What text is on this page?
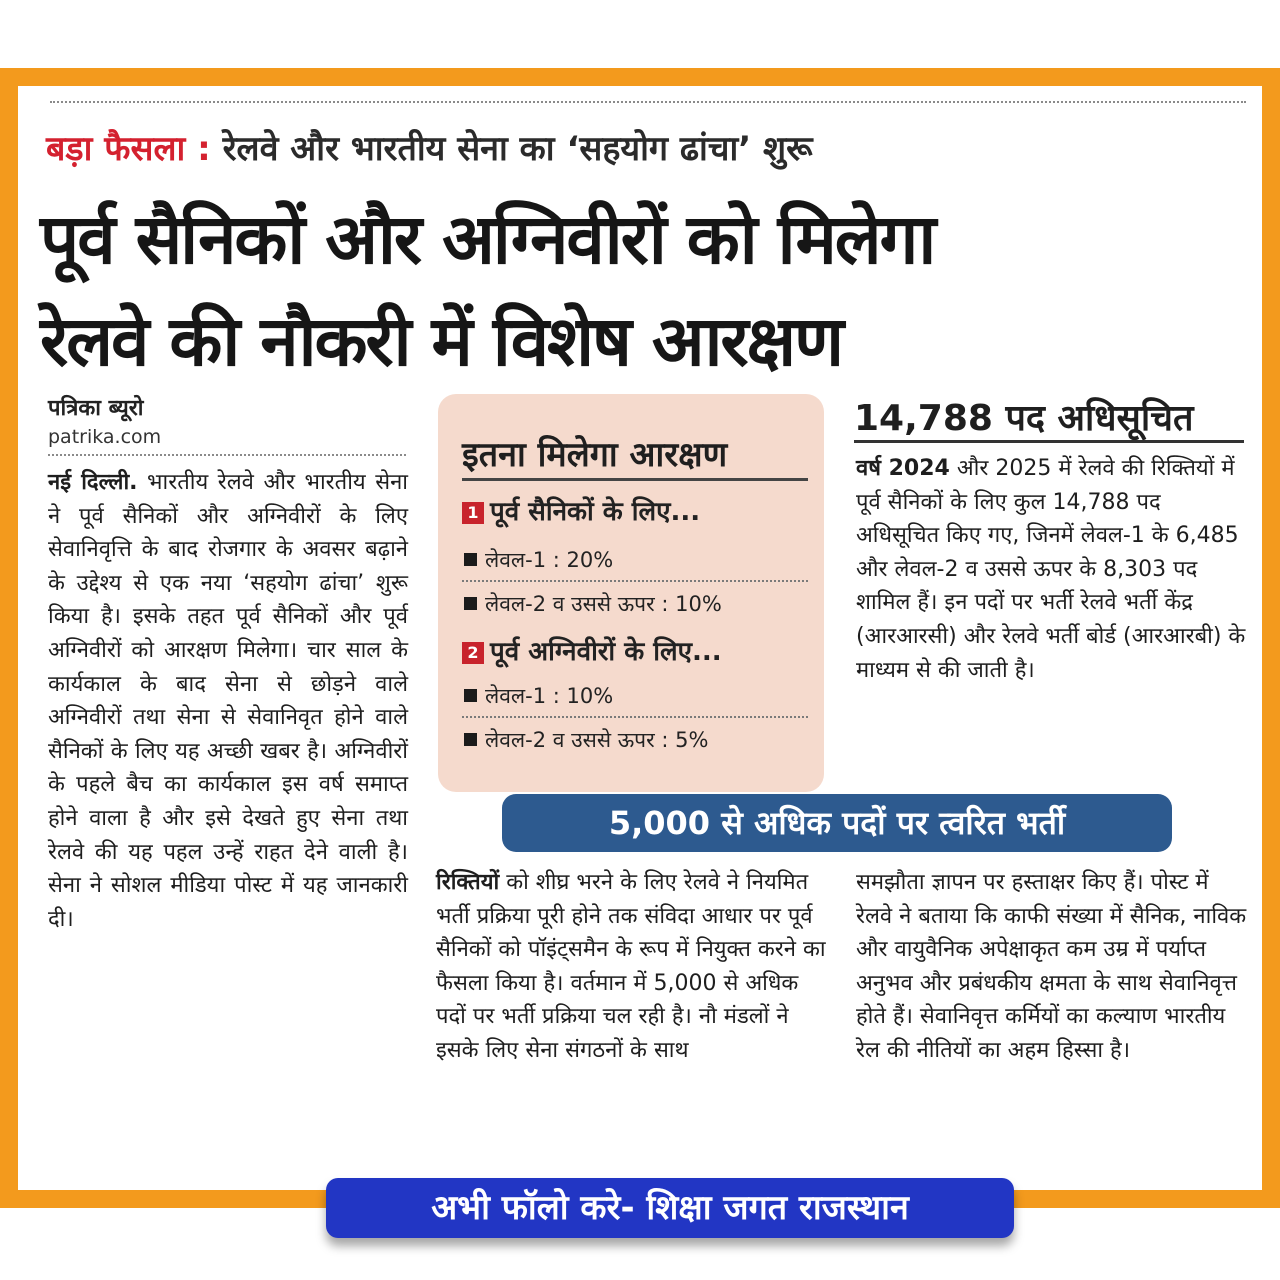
बड़ा फैसला : रेलवे और भारतीय सेना का ‘सहयोग ढांचा’ शुरू
पूर्व सैनिकों और अग्निवीरों को मिलेगा
रेलवे की नौकरी में विशेष आरक्षण
पत्रिका ब्यूरो
patrika.com
नई दिल्ली. भारतीय रेलवे और भारतीय सेना ने पूर्व सैनिकों और अग्निवीरों के लिए सेवानिवृत्ति के बाद रोजगार के अवसर बढ़ाने के उद्देश्य से एक नया ‘सहयोग ढांचा’ शुरू किया है। इसके तहत पूर्व सैनिकों और पूर्व अग्निवीरों को आरक्षण मिलेगा। चार साल के कार्यकाल के बाद सेना से छोड़ने वाले अग्निवीरों तथा सेना से सेवानिवृत होने वाले सैनिकों के लिए यह अच्छी खबर है। अग्निवीरों के पहले बैच का कार्यकाल इस वर्ष समाप्त होने वाला है और इसे देखते हुए सेना तथा रेलवे की यह पहल उन्हें राहत देने वाली है। सेना ने सोशल मीडिया पोस्ट में यह जानकारी दी।
इतना मिलेगा आरक्षण
1 पूर्व सैनिकों के लिए...
लेवल-1 : 20%
लेवल-2 व उससे ऊपर : 10%
2 पूर्व अग्निवीरों के लिए...
लेवल-1 : 10%
लेवल-2 व उससे ऊपर : 5%
14,788 पद अधिसूचित
वर्ष 2024 और 2025 में रेलवे की रिक्तियों में पूर्व सैनिकों के लिए कुल 14,788 पद अधिसूचित किए गए, जिनमें लेवल-1 के 6,485 और लेवल-2 व उससे ऊपर के 8,303 पद शामिल हैं। इन पदों पर भर्ती रेलवे भर्ती केंद्र (आरआरसी) और रेलवे भर्ती बोर्ड (आरआरबी) के माध्यम से की जाती है।
5,000 से अधिक पदों पर त्वरित भर्ती
रिक्तियों को शीघ्र भरने के लिए रेलवे ने नियमित भर्ती प्रक्रिया पूरी होने तक संविदा आधार पर पूर्व सैनिकों को पॉइंट्समैन के रूप में नियुक्त करने का फैसला किया है। वर्तमान में 5,000 से अधिक पदों पर भर्ती प्रक्रिया चल रही है। नौ मंडलों ने इसके लिए सेना संगठनों के साथ
समझौता ज्ञापन पर हस्ताक्षर किए हैं। पोस्ट में रेलवे ने बताया कि काफी संख्या में सैनिक, नाविक और वायुवैनिक अपेक्षाकृत कम उम्र में पर्याप्त अनुभव और प्रबंधकीय क्षमता के साथ सेवानिवृत्त होते हैं। सेवानिवृत्त कर्मियों का कल्याण भारतीय रेल की नीतियों का अहम हिस्सा है।
अभी फॉलो करे- शिक्षा जगत राजस्थान
